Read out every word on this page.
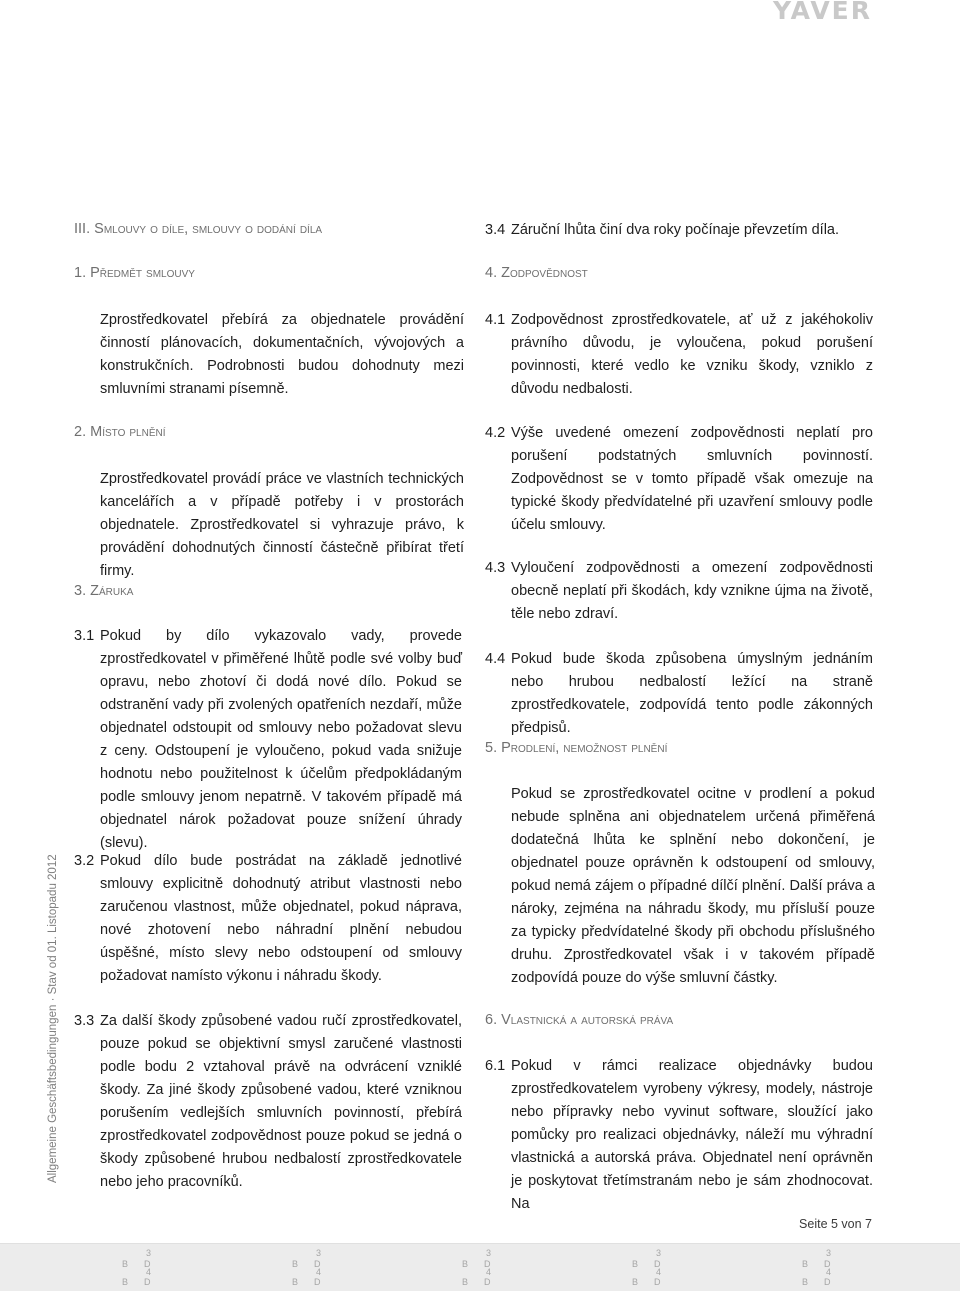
YAVER
III. Smlouvy o díle, smlouvy o dodání díla
1. Předmět smlouvy
Zprostředkovatel přebírá za objednatele provádění činností plánovacích, dokumentačních, vývojových a konstrukčních. Podrobnosti budou dohodnuty mezi smluvními stranami písemně.
2. Místo plnění
Zprostředkovatel provádí práce ve vlastních technických kancelářích a v případě potřeby i v prostorách objednatele. Zprostředkovatel si vyhrazuje právo, k provádění dohodnutých činností částečně přibírat třetí firmy.
3. Záruka
3.1 Pokud by dílo vykazovalo vady, provede zprostředkovatel v přiměřené lhůtě podle své volby buď opravu, nebo zhotoví či dodá nové dílo. Pokud se odstranění vady při zvolených opatřeních nezdaří, může objednatel odstoupit od smlouvy nebo požadovat slevu z ceny. Odstoupení je vyloučeno, pokud vada snižuje hodnotu nebo použitelnost k účelům předpokládaným podle smlouvy jenom nepatrně. V takovém případě má objednatel nárok požadovat pouze snížení úhrady (slevu).
3.2 Pokud dílo bude postrádat na základě jednotlivé smlouvy explicitně dohodnutý atribut vlastnosti nebo zaručenou vlastnost, může objednatel, pokud náprava, nové zhotovení nebo náhradní plnění nebudou úspěšné, místo slevy nebo odstoupení od smlouvy požadovat namísto výkonu i náhradu škody.
3.3 Za další škody způsobené vadou ručí zprostředkovatel, pouze pokud se objektivní smysl zaručené vlastnosti podle bodu 2 vztahoval právě na odvrácení vzniklé škody. Za jiné škody způsobené vadou, které vzniknou porušením vedlejších smluvních povinností, přebírá zprostředkovatel zodpovědnost pouze pokud se jedná o škody způsobené hrubou nedbalostí zprostředkovatele nebo jeho pracovníků.
3.4 Záruční lhůta činí dva roky počínaje převzetím díla.
4. Zodpovědnost
4.1 Zodpovědnost zprostředkovatele, ať už z jakéhokoliv právního důvodu, je vyloučena, pokud porušení povinnosti, které vedlo ke vzniku škody, vzniklo z důvodu nedbalosti.
4.2 Výše uvedené omezení zodpovědnosti neplatí pro porušení podstatných smluvních povinností. Zodpovědnost se v tomto případě však omezuje na typické škody předvídatelné při uzavření smlouvy podle účelu smlouvy.
4.3 Vyloučení zodpovědnosti a omezení zodpovědnosti obecně neplatí při škodách, kdy vznikne újma na životě, těle nebo zdraví.
4.4 Pokud bude škoda způsobena úmyslným jednáním nebo hrubou nedbalostí ležící na straně zprostředkovatele, zodpovídá tento podle zákonných předpisů.
5. Prodlení, nemožnost plnění
Pokud se zprostředkovatel ocitne v prodlení a pokud nebude splněna ani objednatelem určená přiměřená dodatečná lhůta ke splnění nebo dokončení, je objednatel pouze oprávněn k odstoupení od smlouvy, pokud nemá zájem o případné dílčí plnění. Další práva a nároky, zejména na náhradu škody, mu přísluší pouze za typicky předvídatelné škody při obchodu příslušného druhu. Zprostředkovatel však i v takovém případě zodpovídá pouze do výše smluvní částky.
6. Vlastnická a autorská práva
6.1 Pokud v rámci realizace objednávky budou zprostředkovatelem vyrobeny výkresy, modely, nástroje nebo přípravky nebo vyvinut software, sloužící jako pomůcky pro realizaci objednávky, náleží mu výhradní vlastnická a autorská práva. Objednatel není oprávněn je poskytovat třetímstranám nebo je sám zhodnocovat. Na
Allgemeine Geschäftsbedingungen · Stav od 01. Listopadu 2012
Seite 5 von 7
3
B D
4
B D
3
B D
4
B D
3
B D
4
B D
3
B D
4
B D
3
B D
4
B D
